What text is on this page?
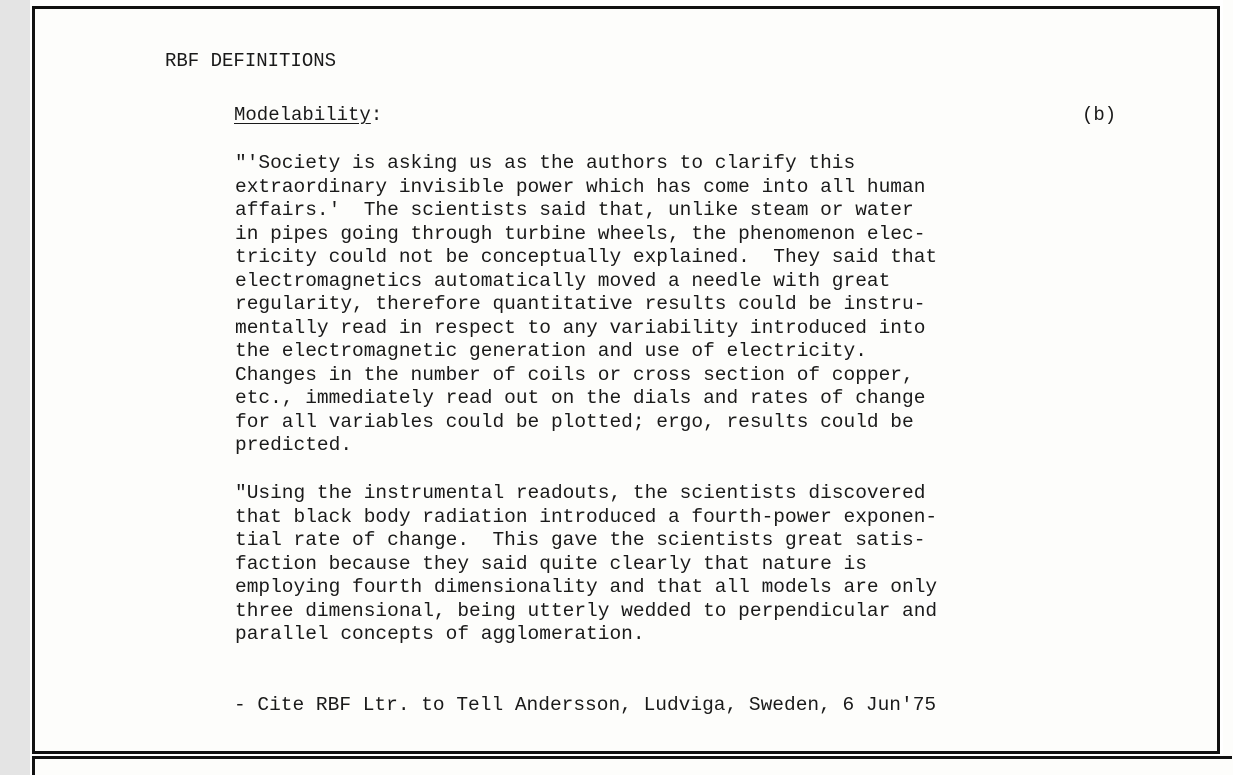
RBF DEFINITIONS
Modelability:	(b)
"'Society is asking us as the authors to clarify this
extraordinary invisible power which has come into all human
affairs.'  The scientists said that, unlike steam or water
in pipes going through turbine wheels, the phenomenon elec-
tricity could not be conceptually explained.  They said that
electromagnetics automatically moved a needle with great
regularity, therefore quantitative results could be instru-
mentally read in respect to any variability introduced into
the electromagnetic generation and use of electricity.
Changes in the number of coils or cross section of copper,
etc., immediately read out on the dials and rates of change
for all variables could be plotted; ergo, results could be
predicted.
"Using the instrumental readouts, the scientists discovered
that black body radiation introduced a fourth-power exponen-
tial rate of change.  This gave the scientists great satis-
faction because they said quite clearly that nature is
employing fourth dimensionality and that all models are only
three dimensional, being utterly wedded to perpendicular and
parallel concepts of agglomeration.
- Cite RBF Ltr. to Tell Andersson, Ludviga, Sweden, 6 Jun'75
